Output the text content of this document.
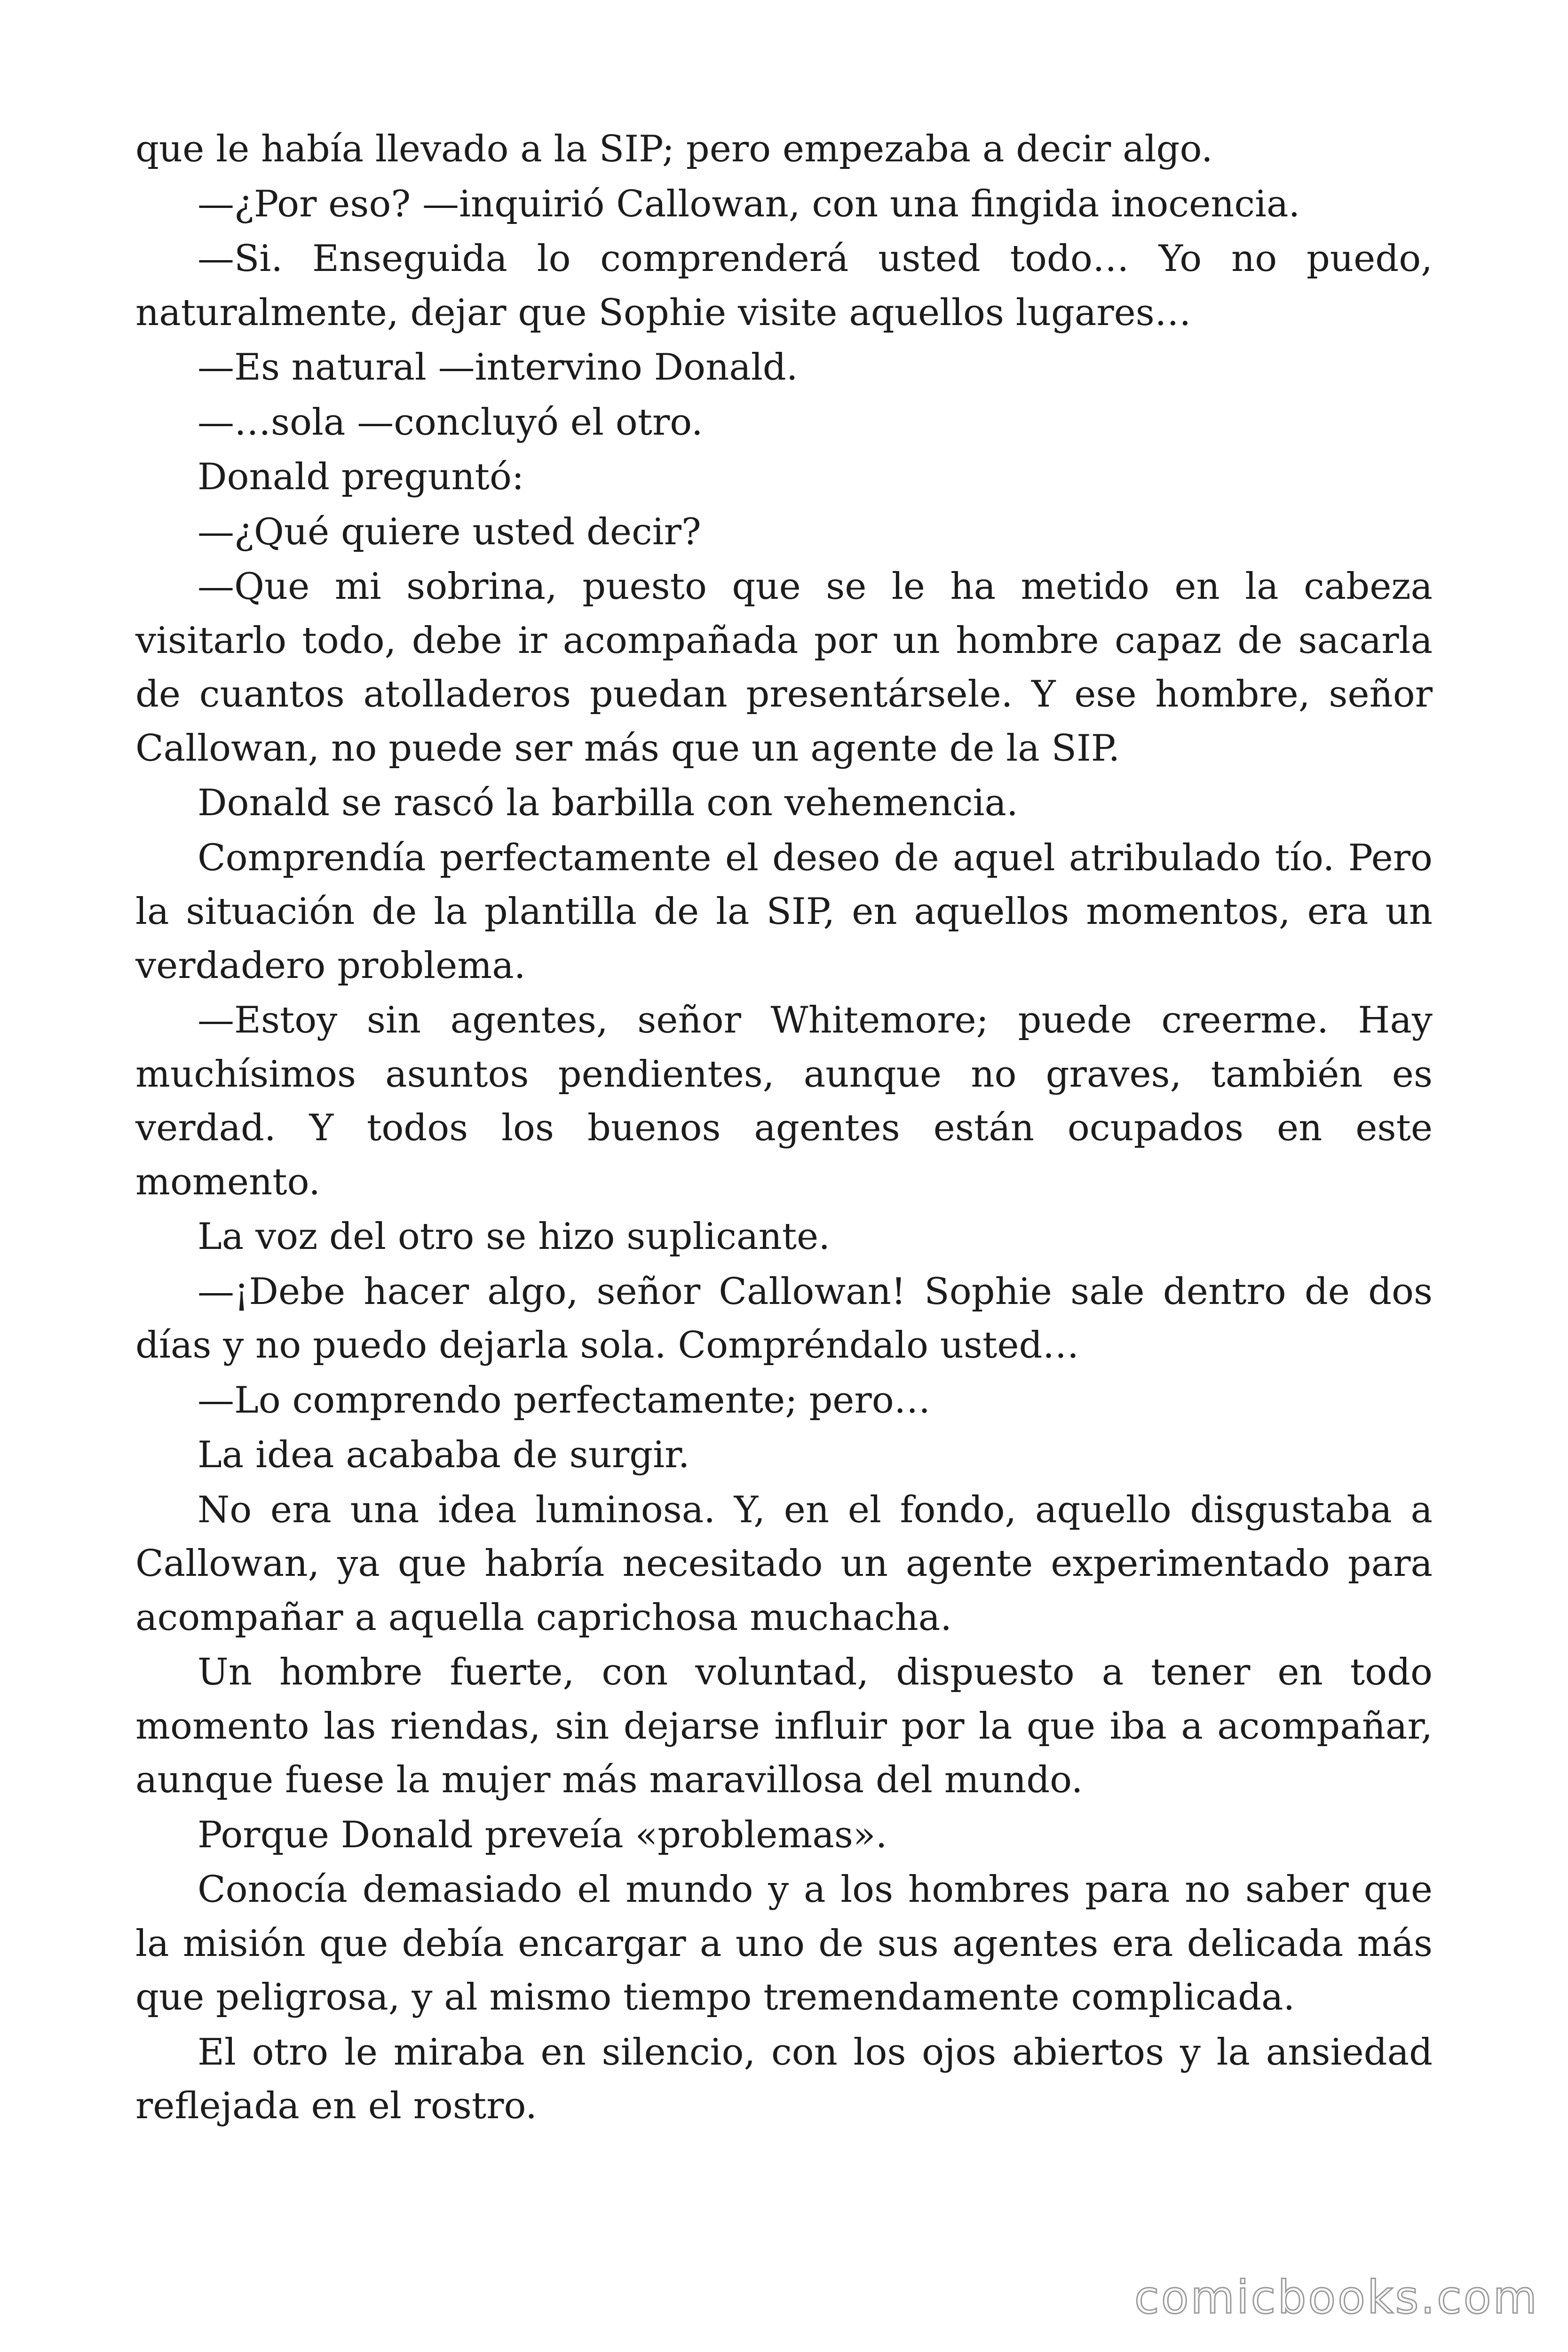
que le había llevado a la SIP; pero empezaba a decir algo.

—¿Por eso? —inquirió Callowan, con una fingida inocencia.

—Si. Enseguida lo comprenderá usted todo… Yo no puedo, naturalmente, dejar que Sophie visite aquellos lugares…

—Es natural —intervino Donald.

—…sola —concluyó el otro.

Donald preguntó:

—¿Qué quiere usted decir?

—Que mi sobrina, puesto que se le ha metido en la cabeza visitarlo todo, debe ir acompañada por un hombre capaz de sacarla de cuantos atolladeros puedan presentársele. Y ese hombre, señor Callowan, no puede ser más que un agente de la SIP.

Donald se rascó la barbilla con vehemencia.

Comprendía perfectamente el deseo de aquel atribulado tío. Pero la situación de la plantilla de la SIP, en aquellos momentos, era un verdadero problema.

—Estoy sin agentes, señor Whitemore; puede creerme. Hay muchísimos asuntos pendientes, aunque no graves, también es verdad. Y todos los buenos agentes están ocupados en este momento.

La voz del otro se hizo suplicante.

—¡Debe hacer algo, señor Callowan! Sophie sale dentro de dos días y no puedo dejarla sola. Compréndalo usted…

—Lo comprendo perfectamente; pero…

La idea acababa de surgir.

No era una idea luminosa. Y, en el fondo, aquello disgustaba a Callowan, ya que habría necesitado un agente experimentado para acompañar a aquella caprichosa muchacha.

Un hombre fuerte, con voluntad, dispuesto a tener en todo momento las riendas, sin dejarse influir por la que iba a acompañar, aunque fuese la mujer más maravillosa del mundo.

Porque Donald preveía «problemas».

Conocía demasiado el mundo y a los hombres para no saber que la misión que debía encargar a uno de sus agentes era delicada más que peligrosa, y al mismo tiempo tremendamente complicada.

El otro le miraba en silencio, con los ojos abiertos y la ansiedad reflejada en el rostro.

comicbooks.com
